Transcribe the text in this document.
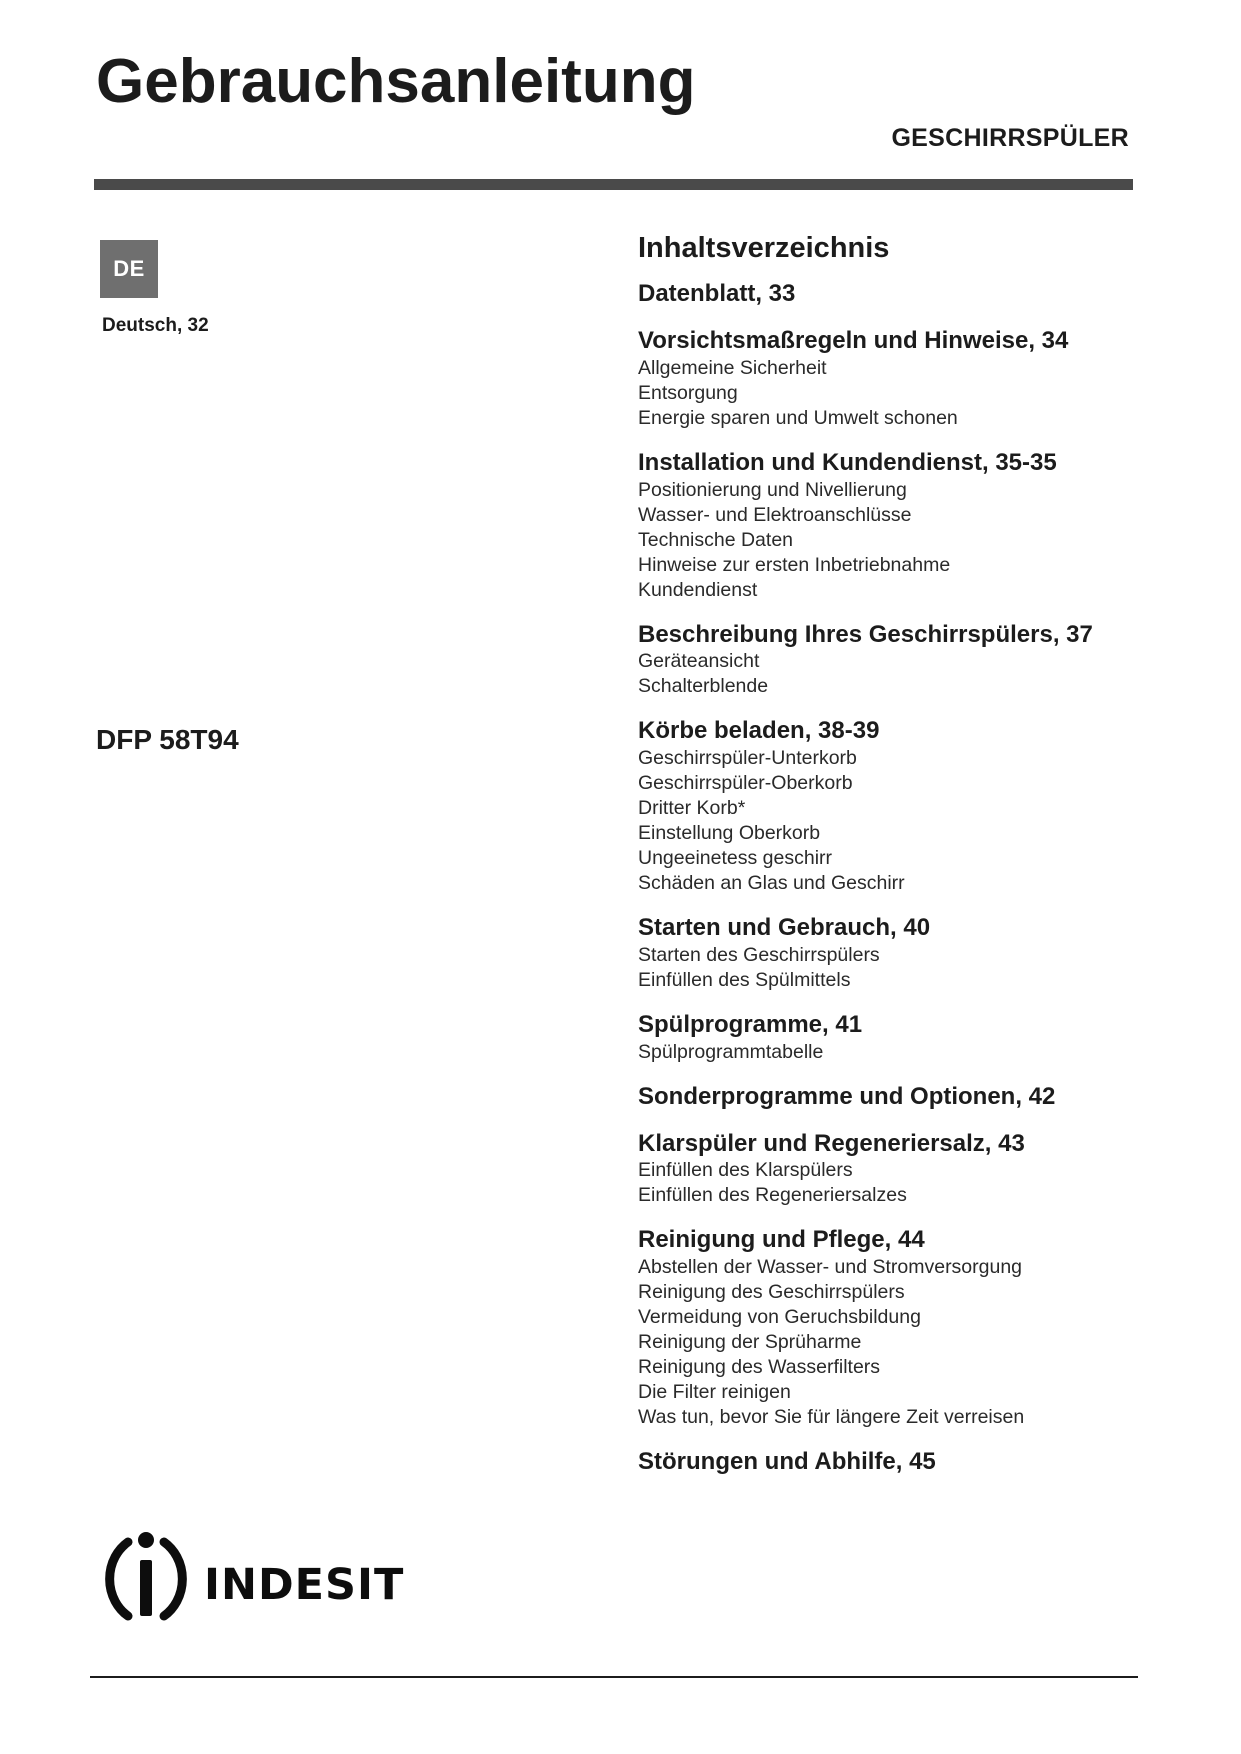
Gebrauchsanleitung
GESCHIRRSPÜLER
DE
Deutsch, 32
DFP 58T94
indesit
Inhaltsverzeichnis
Datenblatt, 33
Vorsichtsmaßregeln und Hinweise, 34
Allgemeine Sicherheit
Entsorgung
Energie sparen und Umwelt schonen
Installation und Kundendienst, 35-35
Positionierung und Nivellierung
Wasser- und Elektroanschlüsse
Technische Daten
Hinweise zur ersten Inbetriebnahme
Kundendienst
Beschreibung Ihres Geschirrspülers, 37
Geräteansicht
Schalterblende
Körbe beladen, 38-39
Geschirrspüler-Unterkorb
Geschirrspüler-Oberkorb
Dritter Korb*
Einstellung Oberkorb
Ungeeinetess geschirr
Schäden an Glas und Geschirr
Starten und Gebrauch, 40
Starten des Geschirrspülers
Einfüllen des Spülmittels
Spülprogramme, 41
Spülprogrammtabelle
Sonderprogramme und Optionen, 42
Klarspüler und Regeneriersalz, 43
Einfüllen des Klarspülers
Einfüllen des Regeneriersalzes
Reinigung und Pflege, 44
Abstellen der Wasser- und Stromversorgung
Reinigung des Geschirrspülers
Vermeidung von Geruchsbildung
Reinigung der Sprüharme
Reinigung des Wasserfilters
Die Filter reinigen
Was tun, bevor Sie für längere Zeit verreisen
Störungen und Abhilfe, 45
